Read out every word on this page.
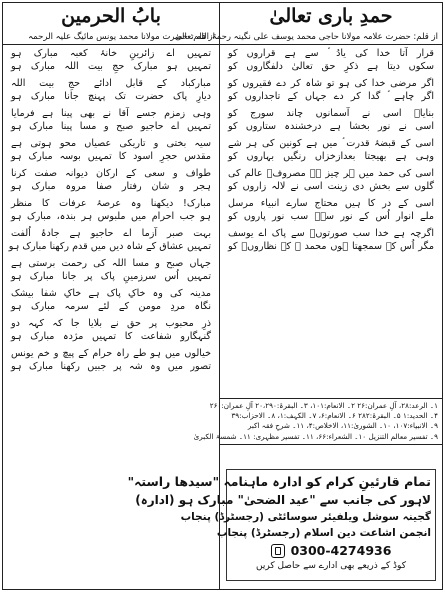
حمدِ باری تعالیٰ
از قلم: حضرت علامہ مولانا حاجی محمد یوسف علی نگینہ رحمۃ اللہ تعالیٰ
قرار آتا خدا کی یادُ ؑ سے ہے قراروں کو
سکوں دیتا ہے ذکرِ حق تعالیٰ دلفگاروں کو
اگر مرضی خدا کی ہو تو شاہ کر دے فقیروں کو
اگر چاہے ؑ گدا کر دے جہاں کے تاجداروں کو
بنایاؑ اسی نے آسمانوں چاند سورج کو
اسی نے نور بخشا ہے درخشندہ ستاروں کو
اسی کے قبضۂ قدرت ؑ میں ہے کونین کی ہر شے
وہی ہے بھیجتا بعدازخزاں رنگیں بہاروں کو
اسی کی حمد میں ہر چیز ہے مصروفؑ عالم کی
گلوں سے بخش دی زینت اسی نے لالہ زاروں کو
اسی کے در کا ہیں محتاج سارے انبیاء مرسل
ملے انوار اُس کے نور سےؑ سب نور پاروں کو
اگرچہ ہے خدا سب صورتوںؑ سے پاک اے یوسف
مگر اُس کے سمجھتا ہوں محمد ﷺ کے نظاروںؑ کو
۱۔ الرعد:۲۸، آلِ عمران:۲۶ ۲۔ الانعام:۱۰۱، ۳۔ البقرۃ:۲۰،۲۹۰ آلِ عمران:۲۶۰
۴۔ الحدید:۱ ۵۔ البقرۃ:۲۸۲ ۶۔ الانعام:۶، ۷۔ الکہف:۱، ۸۔ الاحزاب:۳۹
۹۔ الانبیاء:۱۰۷، ۱۰۔ الشوریٰ:۱۱، الاخلاص:۴، ۱۱۔ شرحِ فقہ اکبر
۹۔ تفسیر معالم التنزیل ۱۰۔ الشعراء:۶۶، ۱۱۔ تفسیر مظہری: ۱۱۔ شمسۃ الکبریٰ
تمام قارئینِ کرام کو ادارہ ماہنامہ "سیدھا راستہ"
لاہور کی جانب سے "عید الضحیٰ" مبارک ہو (ادارہ)
گجینہ سوشل ویلفیئر سوسائٹی (رجسٹرڈ) پنجاب
انجمن اشاعت دین اسلام (رجسٹرڈ) پنجاب
0300-4274936
کوڈ کے ذریعے بھی ادارے سے حاصل کریں
بابُ الحرمین
از قلم: حضرت مولانا محمد یونس مائیگ علیہ الرحمہ
تمہیں اے زائرینِ خانۂ کعبہ مبارک ہو
تمہیں ہو مبارک حجِ بیت اللہ مبارک ہو
مبارکباد کے قابل ادائے حجِ بیت اللہ
دیارِ پاک حضرت تک پہنچ جانا مبارک ہو
وہی زمزم جسے آقا نے بھی پینا ہے فرمایا
تمہیں اے حاجیو صبح و مسا پینا مبارک ہو
سیہ بختی و تاریکی عصیاں محو ہوتی ہے
مقدس حجرِ اسود کا تمہیں بوسہ مبارک ہو
طواف و سعی کے ارکان دیوانہ صفت کرنا
ہجر و شان رفتار صفا مروہ مبارک ہو
مبارک! دیکھنا وہ عرصۂ عرفات کا منظر
ہو جب احرام میں ملبوس ہر بندہ، مبارک ہو
بہت صبر آزما اے حاجیو ہے جادۂ اُلفت
تمہیں عشاق کے شاہ دیں میں قدم رکھنا مبارک ہو
جہاں صبح و مسا اللہ کی رحمت برستی ہے
تمہیں اُس سرزمینِ پاک پر جانا مبارک ہو
مدینہ کی وہ خاکِ پاک ہے خاکِ شفا بیشک
نگاہ مردِ مومن کے لئے سرمہ مبارک ہو
ذرِ محبوب پر حق نے بلایا جا کہ کہہ دو
گنہگارو شفاعت کا تمہیں مژدہ مبارک ہو
خیالوں میں ہو طے راہ حرام کے پیچ و خم یونس
تصور میں وہ شہ پر جبیں رکھنا مبارک ہو
